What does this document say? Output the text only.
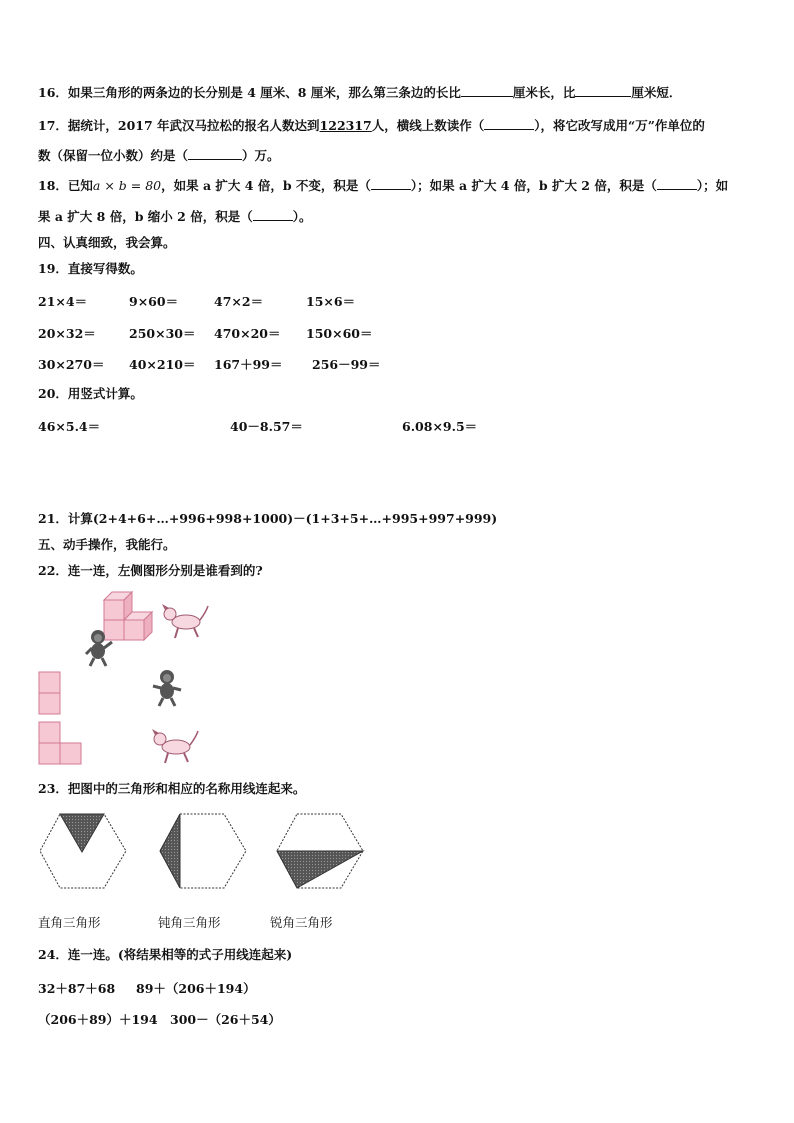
16．如果三角形的两条边的长分别是 4 厘米、8 厘米，那么第三条边的长比	厘米长，比	厘米短．
17．据统计，2017 年武汉马拉松的报名人数达到122317人，横线上数读作（	），将它改写成用“万”作单位的
数（保留一位小数）约是（	）万。
18．已知a × b = 80，如果 a 扩大 4 倍，b 不变，积是（	）；如果 a 扩大 4 倍，b 扩大 2 倍，积是（	）；如
果 a 扩大 8 倍，b 缩小 2 倍，积是（	）。
四、认真细致，我会算。
19．直接写得数。
21×4＝	9×60＝	47×2＝	15×6＝
20×32＝	250×30＝ 470×20＝ 150×60＝
30×270＝ 40×210＝ 167＋99＝ 256－99＝
20．用竖式计算。
46×5.4＝	40－8.57＝	6.08×9.5＝
21．计算(2+4+6+…+996+998+1000)－(1+3+5+…+995+997+999)
五、动手操作，我能行。
22．连一连，左侧图形分别是谁看到的?
23．把图中的三角形和相应的名称用线连起来。
直角三角形	钝角三角形	锐角三角形
24．连一连。(将结果相等的式子用线连起来)
32＋87＋68 89＋（206＋194）
（206＋89）＋194 300－（26＋54）
